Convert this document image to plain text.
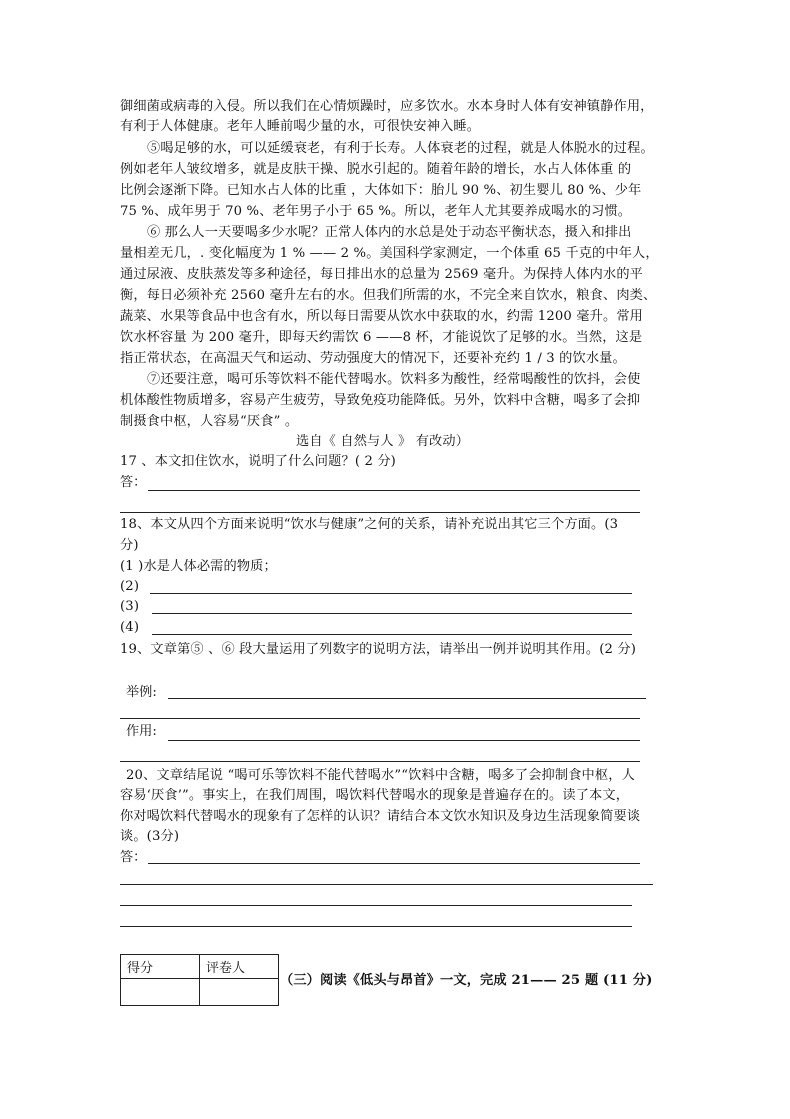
御细菌或病毒的入侵。所以我们在心情烦躁时，应多饮水。水本身时人体有安神镇静作用，
有利于人体健康。老年人睡前喝少量的水，可很快安神入睡。
⑤喝足够的水，可以延缓衰老，有利于长寿。人体衰老的过程，就是人体脱水的过程。
例如老年人皱纹增多，就是皮肤干操、脱水引起的。随着年龄的增长，水占人体体重 的
比例会逐渐下降。已知水占人体的比重 ，大体如下：胎儿 90 %、初生婴儿 80 %、少年
75 %、成年男于 70 %、老年男子小于 65 %。所以，老年人尤其要养成喝水的习惯。
⑥ 那么人一天要喝多少水呢？正常人体内的水总是处于动态平衡状态，摄入和排出
量相差无几，. 变化幅度为 1 % —— 2 %。美国科学家测定，一个体重 65 千克的中年人，
通过尿液、皮肤蒸发等多种途径，每日排出水的总量为 2569 毫升。为保持人体内水的平
衡，每日必须补充 2560 毫升左右的水。但我们所需的水，不完全来自饮水，粮食、肉类、
蔬菜、水果等食品中也含有水，所以每日需要从饮水中获取的水，约需 1200 毫升。常用
饮水杯容量 为 200 毫升，即每天约需饮 6 ——8 杯，才能说饮了足够的水。当然，这是
指正常状态，在高温天气和运动、劳动强度大的情况下，还要补充约 1 / 3 的饮水量。
⑦还要注意，喝可乐等饮料不能代替喝水。饮料多为酸性，经常喝酸性的饮抖，会使
机体酸性物质增多，容易产生疲劳，导致免疫功能降低。另外，饮料中含糖，喝多了会抑
制摄食中枢，人容易“厌食” 。
选自《 自然与人 》 有改动）
17 、本文扣住饮水，说明了什么问题？( 2 分)
答：
18、本文从四个方面来说明“饮水与健康”之何的关系，请补充说出其它三个方面。(3
分)
(1 )水是人体必需的物质；
(2)
(3)
(4)
19、文章第⑤ 、⑥ 段大量运用了列数字的说明方法，请举出一例并说明其作用。(2 分)
举例:
作用:
20、文章结尾说 “喝可乐等饮料不能代替喝水”“饮料中含糖，喝多了会抑制食中枢，人
容易‘厌食’”。事实上，在我们周围，喝饮料代替喝水的现象是普遍存在的。读了本文，
你对喝饮料代替喝水的现象有了怎样的认识？请结合本文饮水知识及身边生活现象简要谈
谈。(3分)
答：
得分	评卷人

（三）阅读《低头与昂首》一文，完成 21—— 25 题 (11 分)
